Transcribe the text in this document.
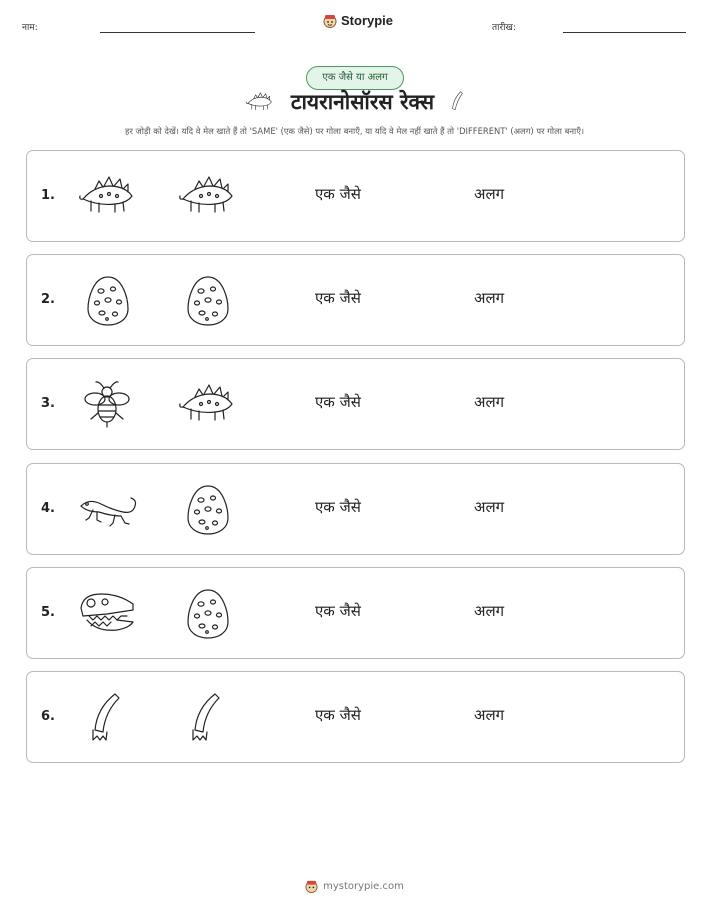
नाम:	Storypie	तारीख:
एक जैसे या अलग
टायरानोसॉरस रेक्स
हर जोड़ी को देखें। यदि वे मेल खाते हैं तो 'SAME' (एक जैसे) पर गोला बनाएँ, या यदि वे मेल नहीं खाते हैं तो 'DIFFERENT' (अलग) पर गोला बनाएँ।
1.	एक जैसे	अलग
2.	एक जैसे	अलग
3.	एक जैसे	अलग
4.	एक जैसे	अलग
5.	एक जैसे	अलग
6.	एक जैसे	अलग
mystorypie.com
